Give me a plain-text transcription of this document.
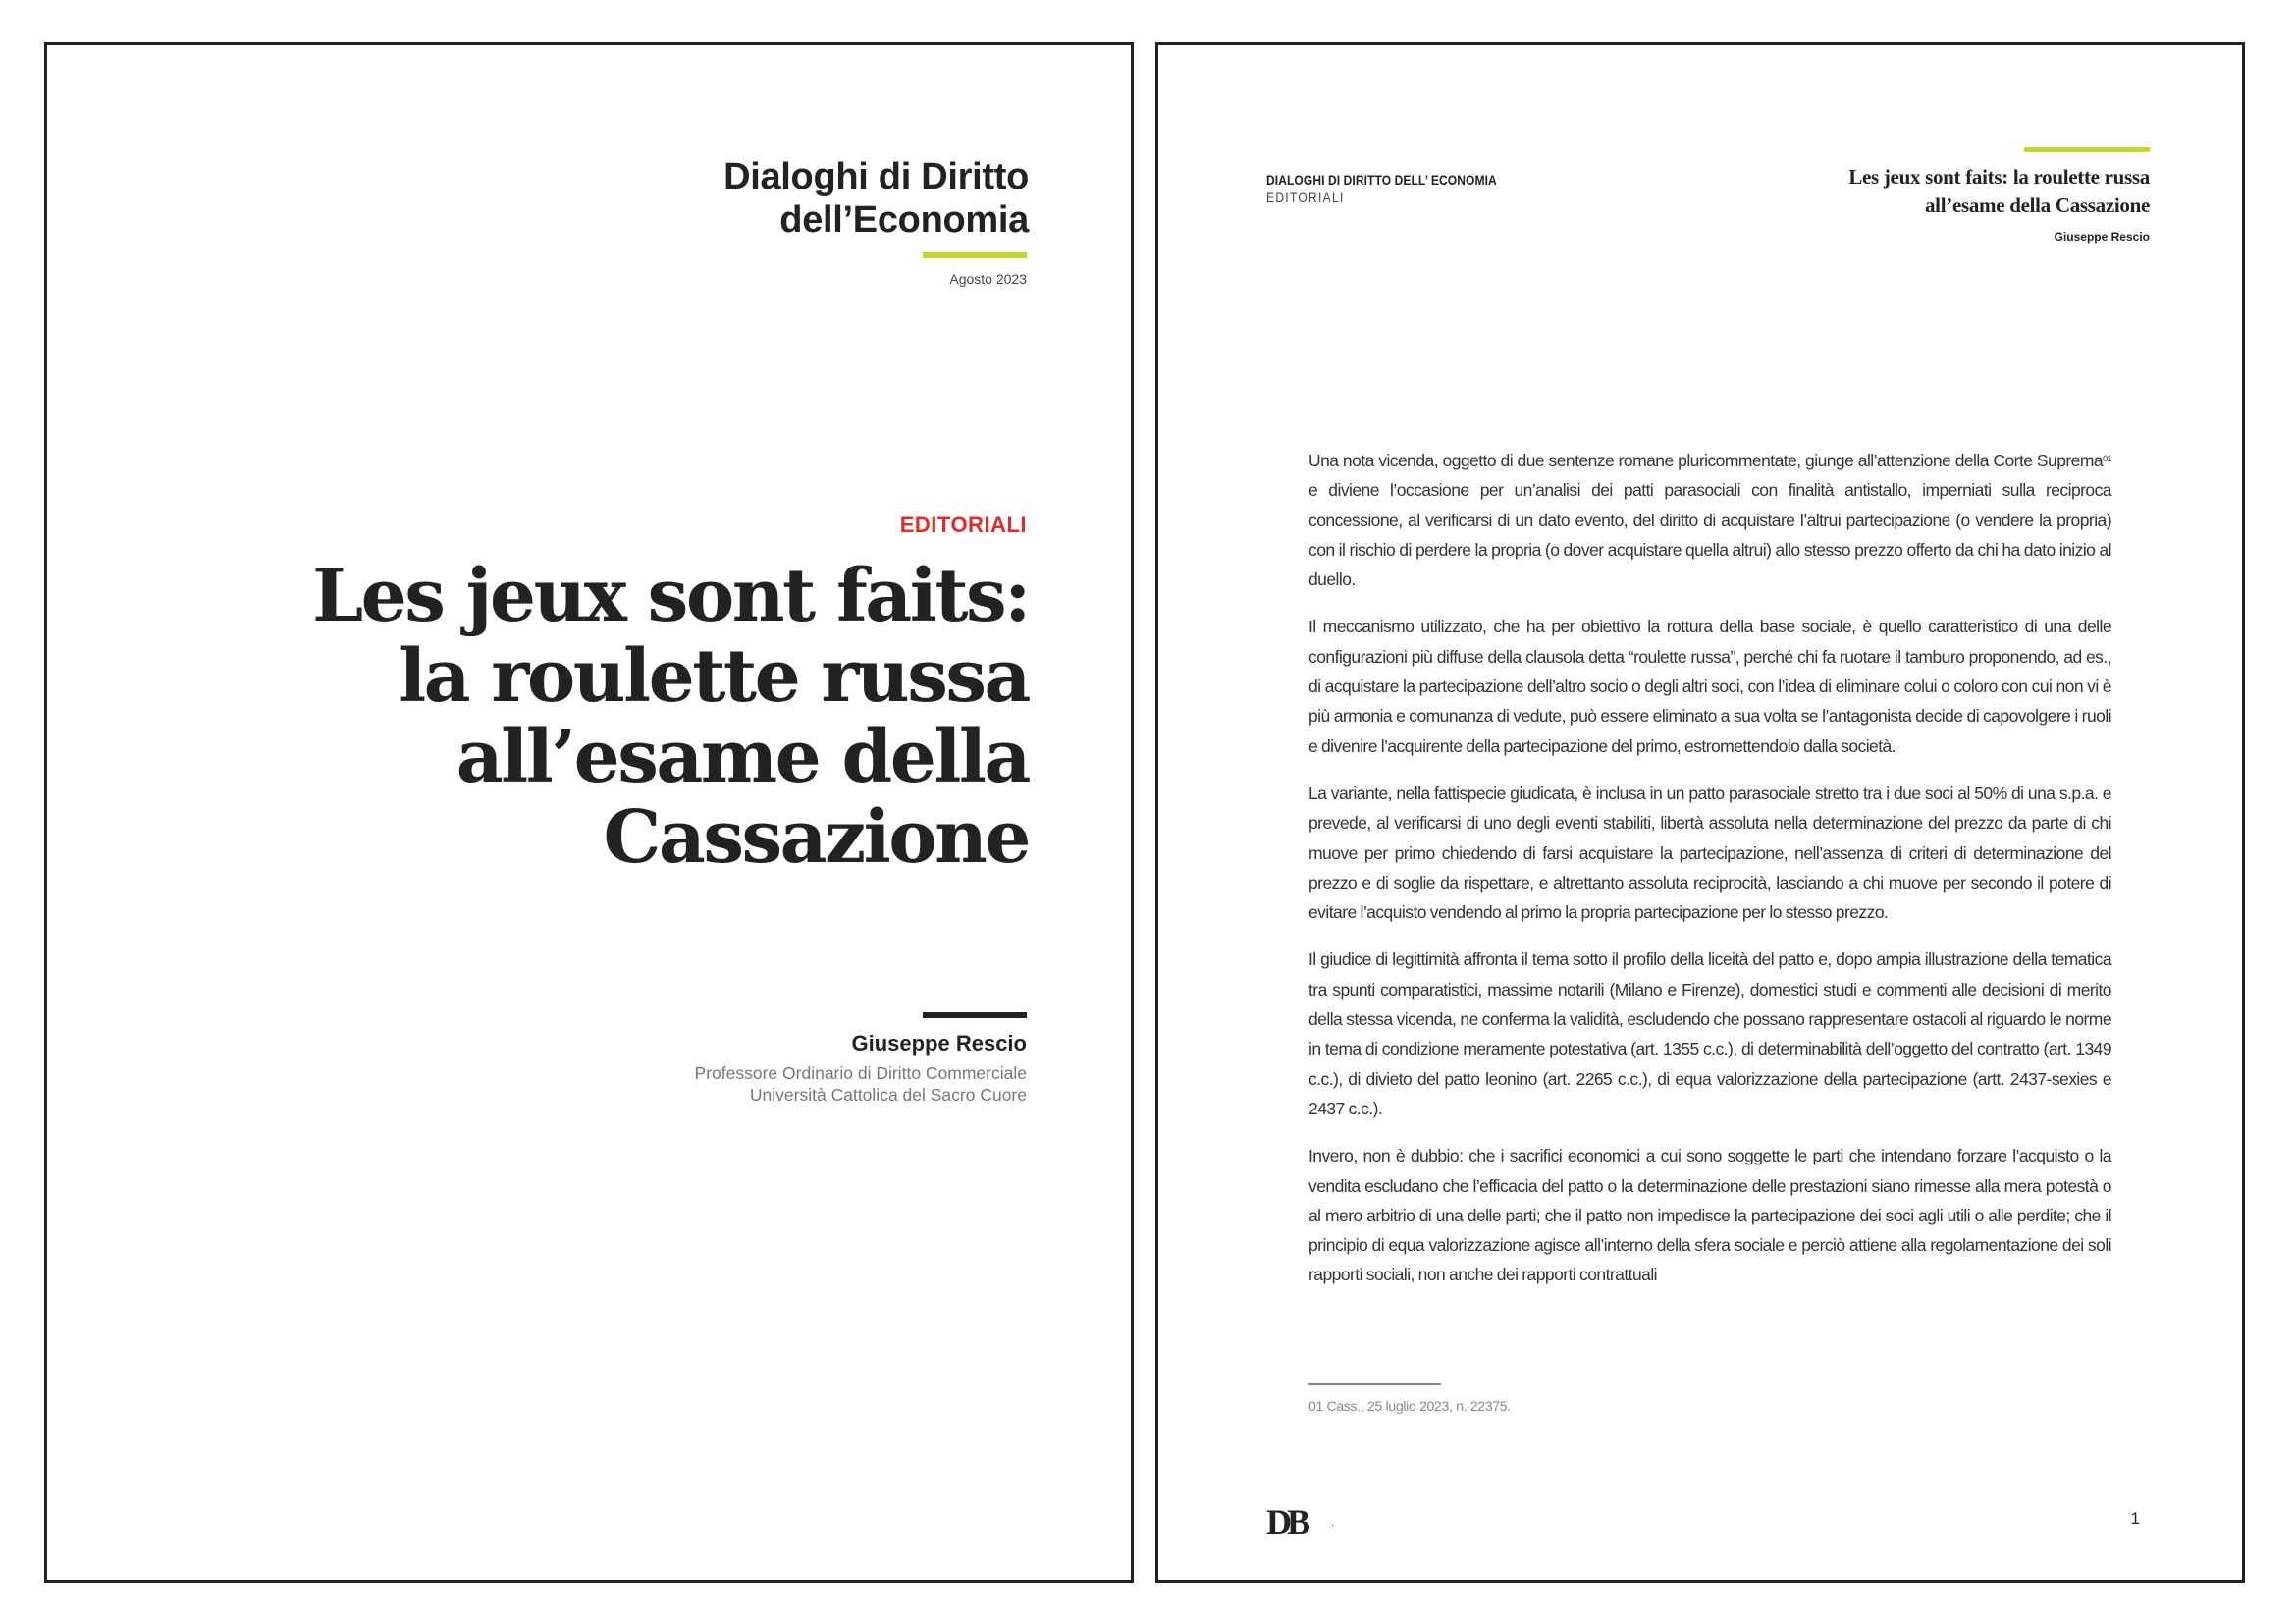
Dialoghi di Diritto
dell’Economia
Agosto 2023
EDITORIALI
Les jeux sont faits:
la roulette russa
all’esame della
Cassazione
Giuseppe Rescio
Professore Ordinario di Diritto Commerciale
Università Cattolica del Sacro Cuore
DIALOGHI DI DIRITTO DELL’ ECONOMIA
EDITORIALI
Les jeux sont faits: la roulette russa
all’esame della Cassazione
Giuseppe Rescio

Una nota vicenda, oggetto di due sentenze romane pluricommentate, giunge all’attenzione della Corte Suprema$^{01}$ e diviene l’occasione per un’analisi dei patti parasociali con finalità antistallo, imperniati sulla reciproca concessione, al verificarsi di un dato evento, del diritto di acquistare l’altrui partecipazione (o vendere la propria) con il rischio di perdere la propria (o dover acquistare quella altrui) allo stesso prezzo offerto da chi ha dato inizio al duello.

Il meccanismo utilizzato, che ha per obiettivo la rottura della base sociale, è quello caratteristico di una delle configurazioni più diffuse della clausola detta “roulette russa”, perché chi fa ruotare il tamburo proponendo, ad es., di acquistare la partecipazione dell’altro socio o degli altri soci, con l’idea di eliminare colui o coloro con cui non vi è più armonia e comunanza di vedute, può essere eliminato a sua volta se l’antagonista decide di capovolgere i ruoli e divenire l’acquirente della partecipazione del primo, estromettendolo dalla società.

La variante, nella fattispecie giudicata, è inclusa in un patto parasociale stretto tra i due soci al 50% di una s.p.a. e prevede, al verificarsi di uno degli eventi stabiliti, libertà assoluta nella determinazione del prezzo da parte di chi muove per primo chiedendo di farsi acquistare la partecipazione, nell’assenza di criteri di determinazione del prezzo e di soglie da rispettare, e altrettanto assoluta reciprocità, lasciando a chi muove per secondo il potere di evitare l’acquisto vendendo al primo la propria partecipazione per lo stesso prezzo.

Il giudice di legittimità affronta il tema sotto il profilo della liceità del patto e, dopo ampia illustrazione della tematica tra spunti comparatistici, massime notarili (Milano e Firenze), domestici studi e commenti alle decisioni di merito della stessa vicenda, ne conferma la validità, escludendo che possano rappresentare ostacoli al riguardo le norme in tema di condizione meramente potestativa (art. 1355 c.c.), di determinabilità dell’oggetto del contratto (art. 1349 c.c.), di divieto del patto leonino (art. 2265 c.c.), di equa valorizzazione della partecipazione (artt. 2437-sexies e 2437 c.c.).

Invero, non è dubbio: che i sacrifici economici a cui sono soggette le parti che intendano forzare l’acquisto o la vendita escludano che l’efficacia del patto o la determinazione delle prestazioni siano rimesse alla mera potestà o al mero arbitrio di una delle parti; che il patto non impedisce la partecipazione dei soci agli utili o alle perdite; che il principio di equa valorizzazione agisce all’interno della sfera sociale e perciò attiene alla regolamentazione dei soli rapporti sociali, non anche dei rapporti contrattuali

01 Cass., 25 luglio 2023, n. 22375.
DB	.	1
